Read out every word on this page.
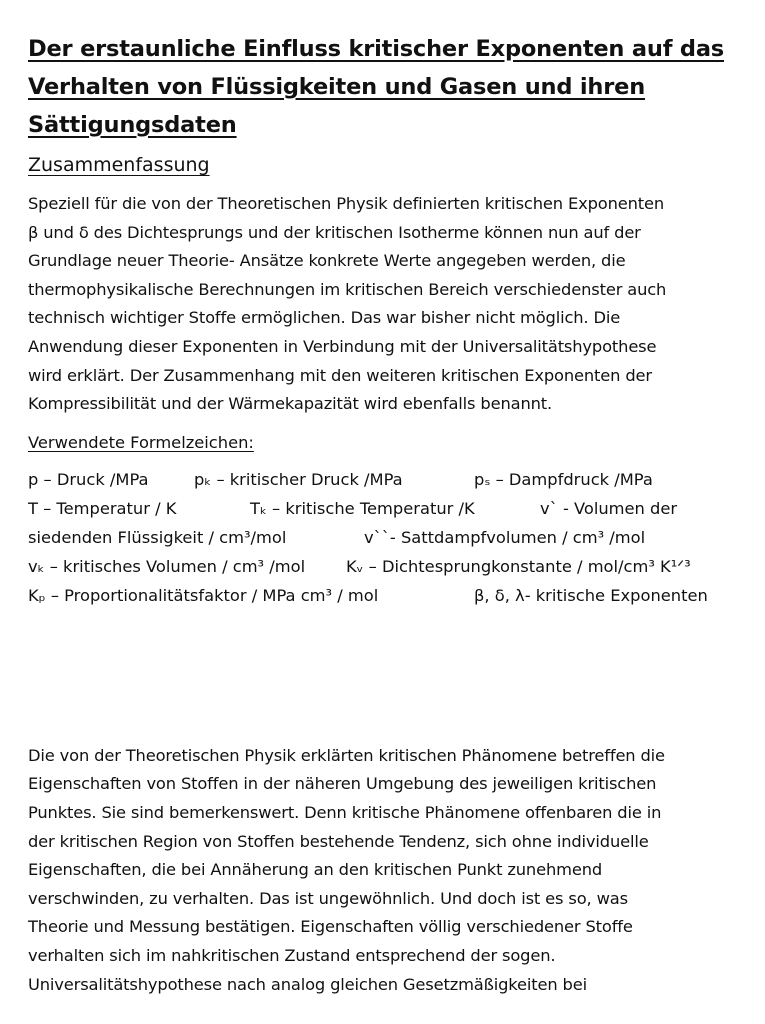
Der erstaunliche Einfluss kritischer Exponenten auf das
Verhalten von Flüssigkeiten und Gasen und ihren
Sättigungsdaten
Zusammenfassung
Speziell für die von der Theoretischen Physik definierten kritischen Exponenten
β und δ des Dichtesprungs und der kritischen Isotherme können nun auf der
Grundlage neuer Theorie- Ansätze konkrete Werte angegeben werden, die
thermophysikalische Berechnungen im kritischen Bereich verschiedenster auch
technisch wichtiger Stoffe ermöglichen. Das war bisher nicht möglich. Die
Anwendung dieser Exponenten in Verbindung mit der Universalitätshypothese
wird erklärt. Der Zusammenhang mit den weiteren kritischen Exponenten der
Kompressibilität und der Wärmekapazität wird ebenfalls benannt.
Verwendete Formelzeichen:
p – Druck /MPa	pₖ – kritischer Druck /MPa	pₛ – Dampfdruck /MPa
T – Temperatur / K	Tₖ – kritische Temperatur /K	v` - Volumen der
siedenden Flüssigkeit / cm³/mol	v``- Sattdampfvolumen / cm³ /mol
vₖ – kritisches Volumen / cm³ /mol	Kᵥ – Dichtesprungkonstante / mol/cm³ K¹ᐟ³
Kₚ – Proportionalitätsfaktor / MPa cm³ / mol	β, δ, λ- kritische Exponenten
Die von der Theoretischen Physik erklärten kritischen Phänomene betreffen die
Eigenschaften von Stoffen in der näheren Umgebung des jeweiligen kritischen
Punktes. Sie sind bemerkenswert. Denn kritische Phänomene offenbaren die in
der kritischen Region von Stoffen bestehende Tendenz, sich ohne individuelle
Eigenschaften, die bei Annäherung an den kritischen Punkt zunehmend
verschwinden, zu verhalten. Das ist ungewöhnlich. Und doch ist es so, was
Theorie und Messung bestätigen. Eigenschaften völlig verschiedener Stoffe
verhalten sich im nahkritischen Zustand entsprechend der sogen.
Universalitätshypothese nach analog gleichen Gesetzmäßigkeiten bei
